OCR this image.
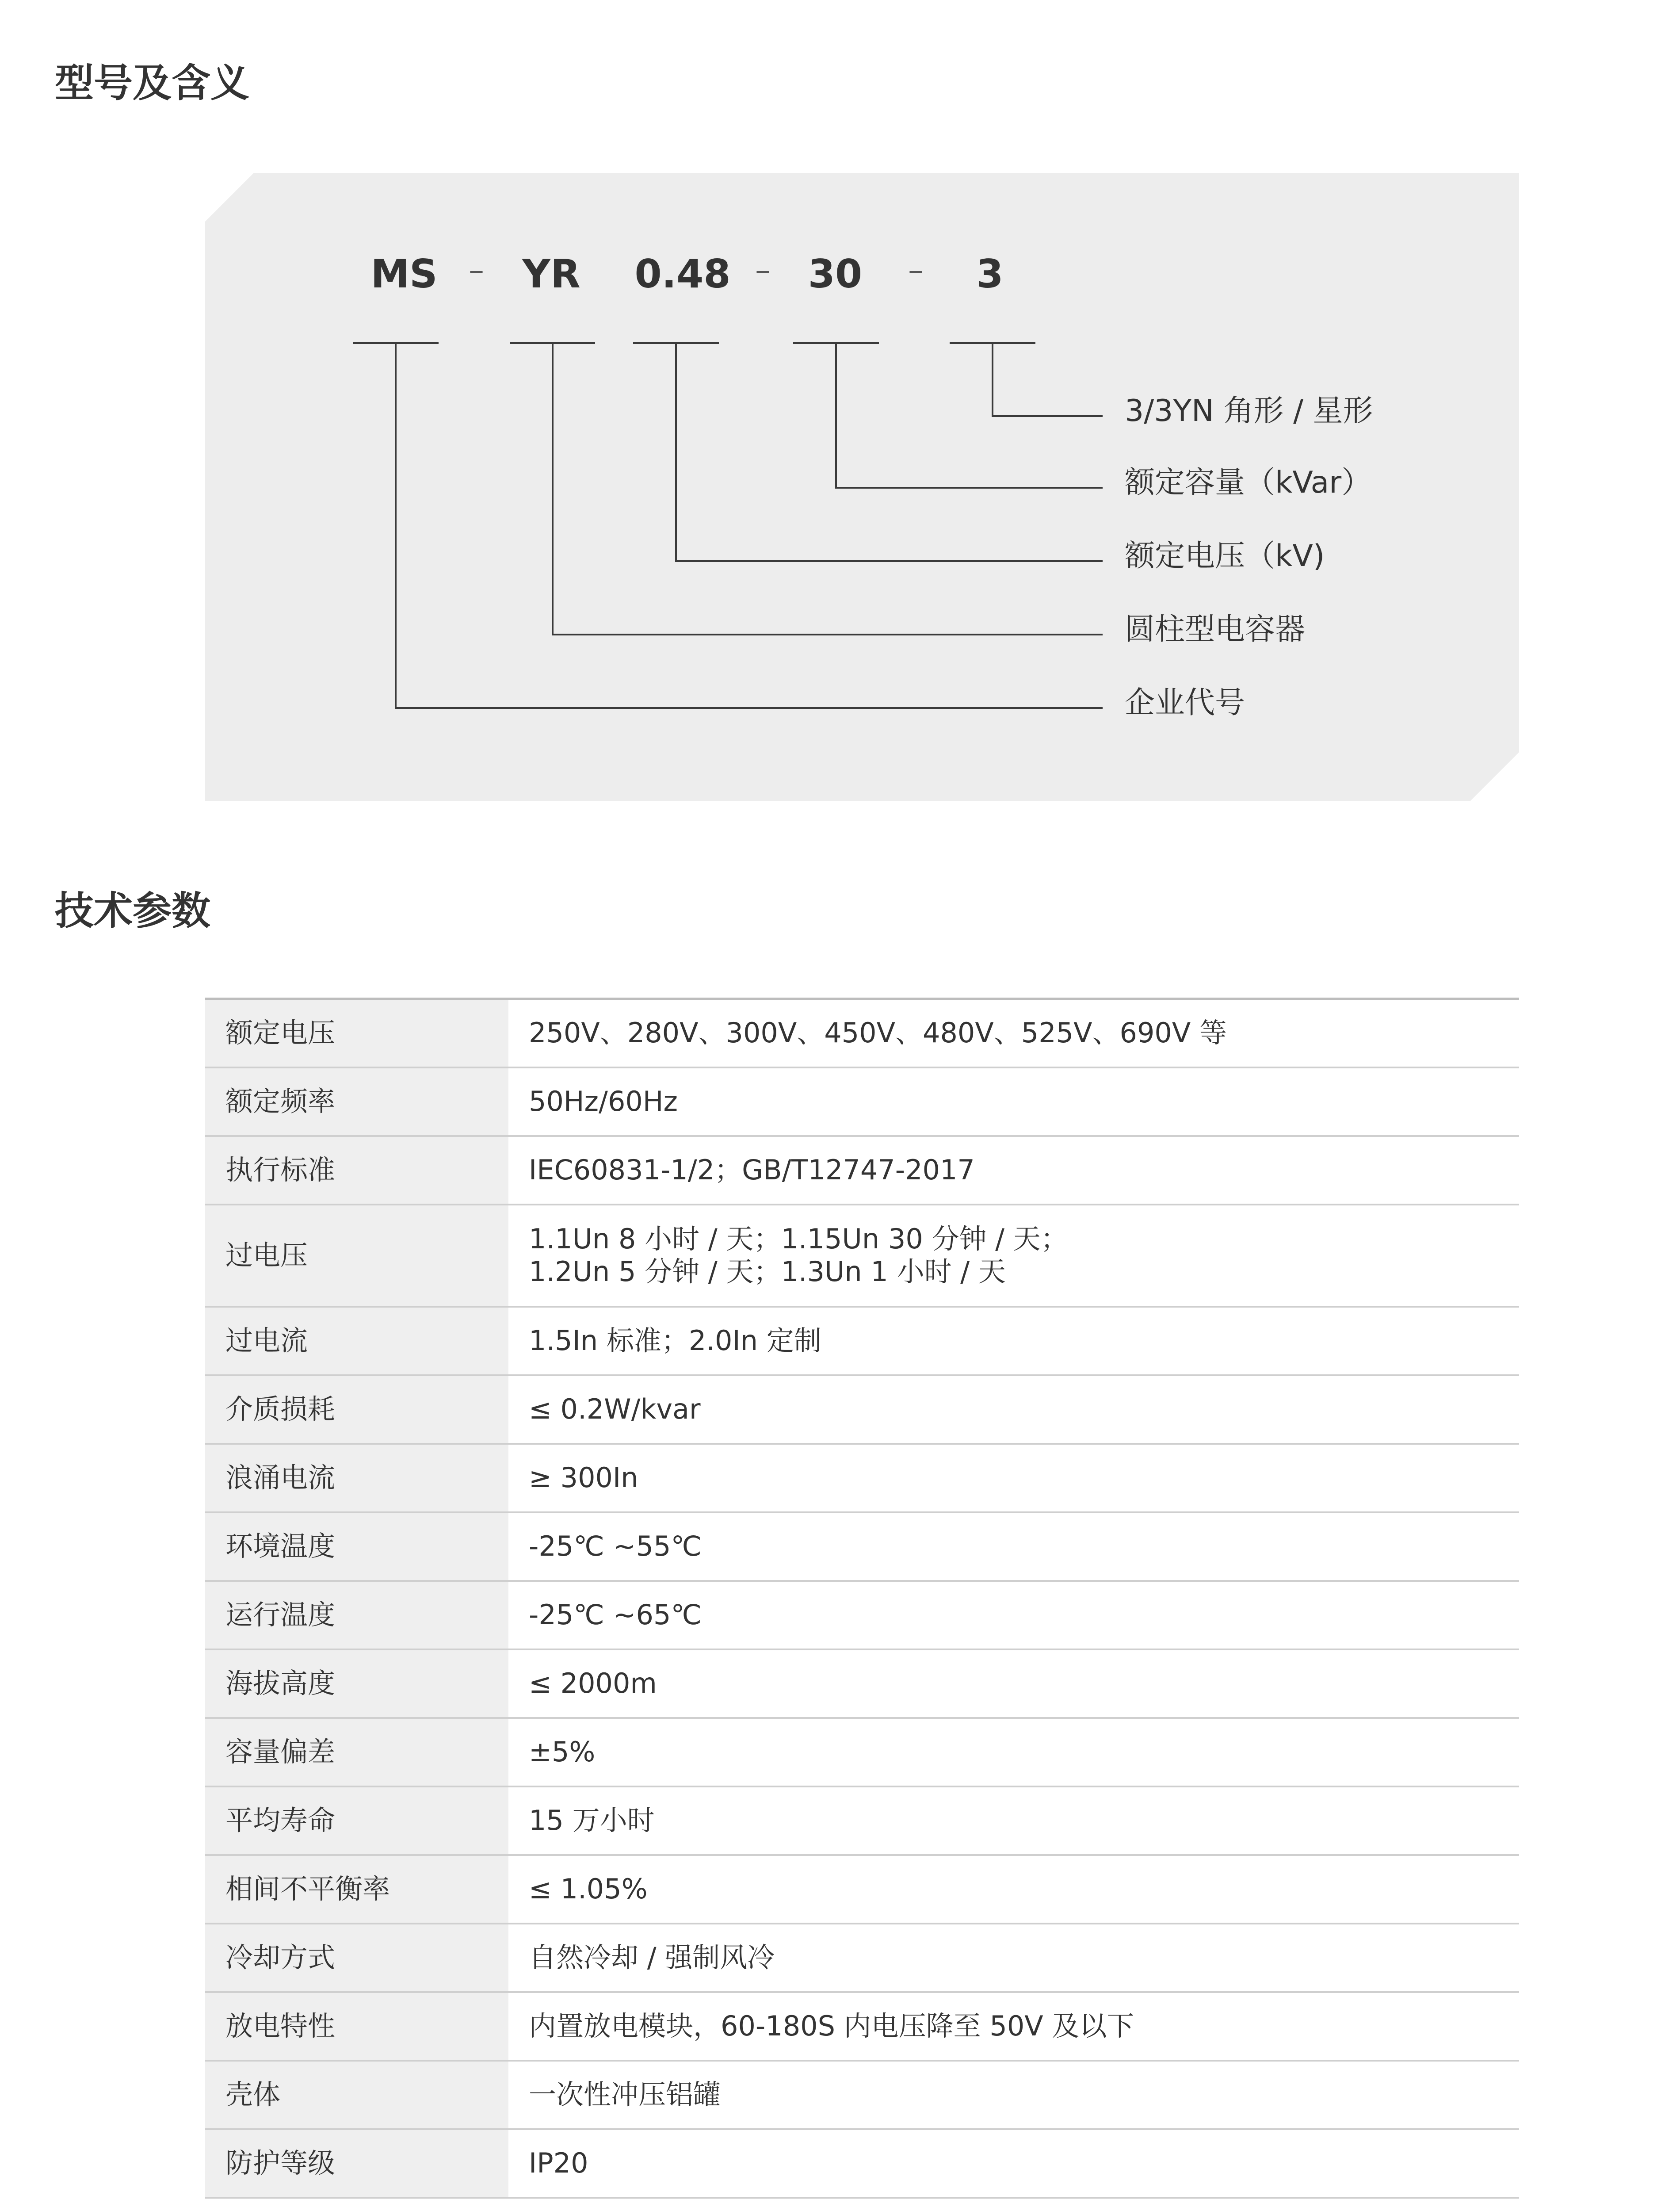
型号及含义
MS – YR	0.48 – 30	–	3
3/3YN 角形 / 星形
额定容量（kVar）
额定电压（kV)
圆柱型电容器
企业代号
技术参数
额定电压	250V、280V、300V、450V、480V、525V、690V 等
额定频率	50Hz/60Hz
执行标准	IEC60831-1/2；GB/T12747-2017
过电压	1.1Un 8 小时 / 天；1.15Un 30 分钟 / 天；
1.2Un 5 分钟 / 天；1.3Un 1 小时 / 天

过电流	1.5In 标准；2.0In 定制
介质损耗	≤ 0.2W/kvar
浪涌电流	≥ 300In
环境温度	-25℃ ~55℃
运行温度	-25℃ ~65℃
海拔高度	≤ 2000m
容量偏差	±5%
平均寿命	15 万小时
相间不平衡率	≤ 1.05%
冷却方式	自然冷却 / 强制风冷
放电特性	内置放电模块，60-180S 内电压降至 50V 及以下
壳体	一次性冲压铝罐
防护等级	IP20
